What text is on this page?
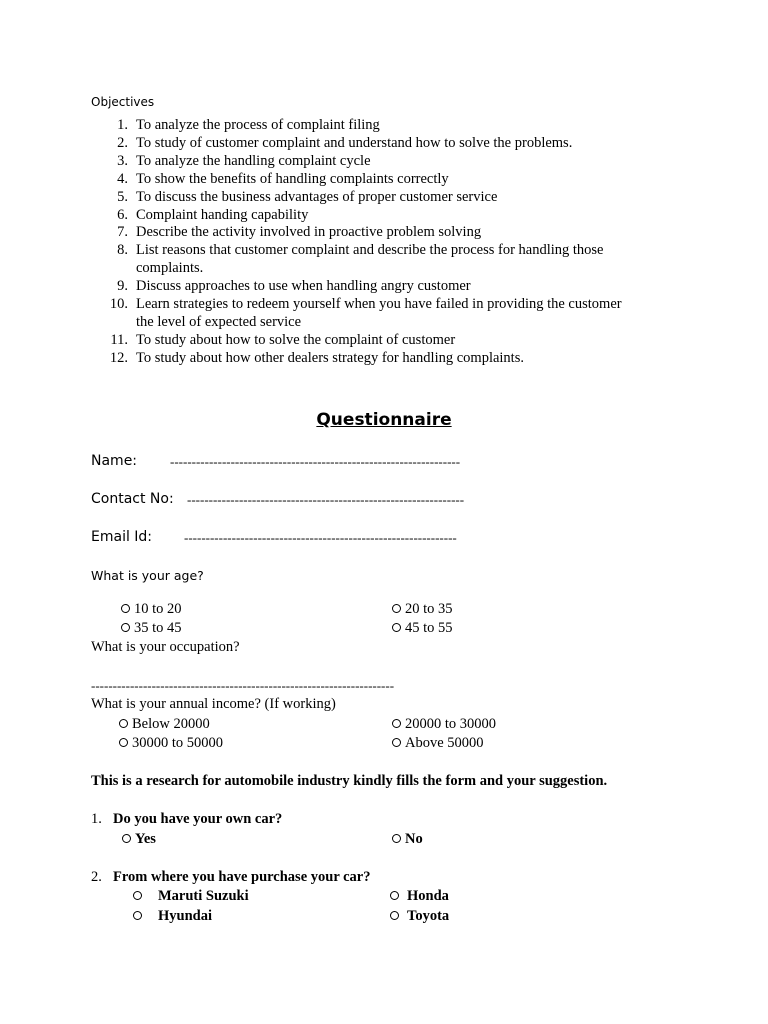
Objectives
1. To analyze the process of complaint filing
2. To study of customer complaint and understand how to solve the problems.
3. To analyze the handling complaint cycle
4. To show the benefits of handling complaints correctly
5. To discuss the business advantages of proper customer service
6. Complaint handing capability
7. Describe the activity involved in proactive problem solving
8. List reasons that customer complaint and describe the process for handling those
complaints.
9. Discuss approaches to use when handling angry customer
10. Learn strategies to redeem yourself when you have failed in providing the customer
the level of expected service
11. To study about how to solve the complaint of customer
12. To study about how other dealers strategy for handling complaints.
Questionnaire
Name:	-------------------------------------------------------------------
Contact No: ----------------------------------------------------------------
Email Id: ---------------------------------------------------------------
What is your age?
10 to 20	20 to 35
35 to 45	45 to 55
What is your occupation?
----------------------------------------------------------------------
What is your annual income? (If working)
Below 20000	20000 to 30000
30000 to 50000	Above 50000
This is a research for automobile industry kindly fills the form and your suggestion.
1. Do you have your own car?
Yes	No
2. From where you have purchase your car?
Maruti Suzuki	Honda
Hyundai	Toyota
